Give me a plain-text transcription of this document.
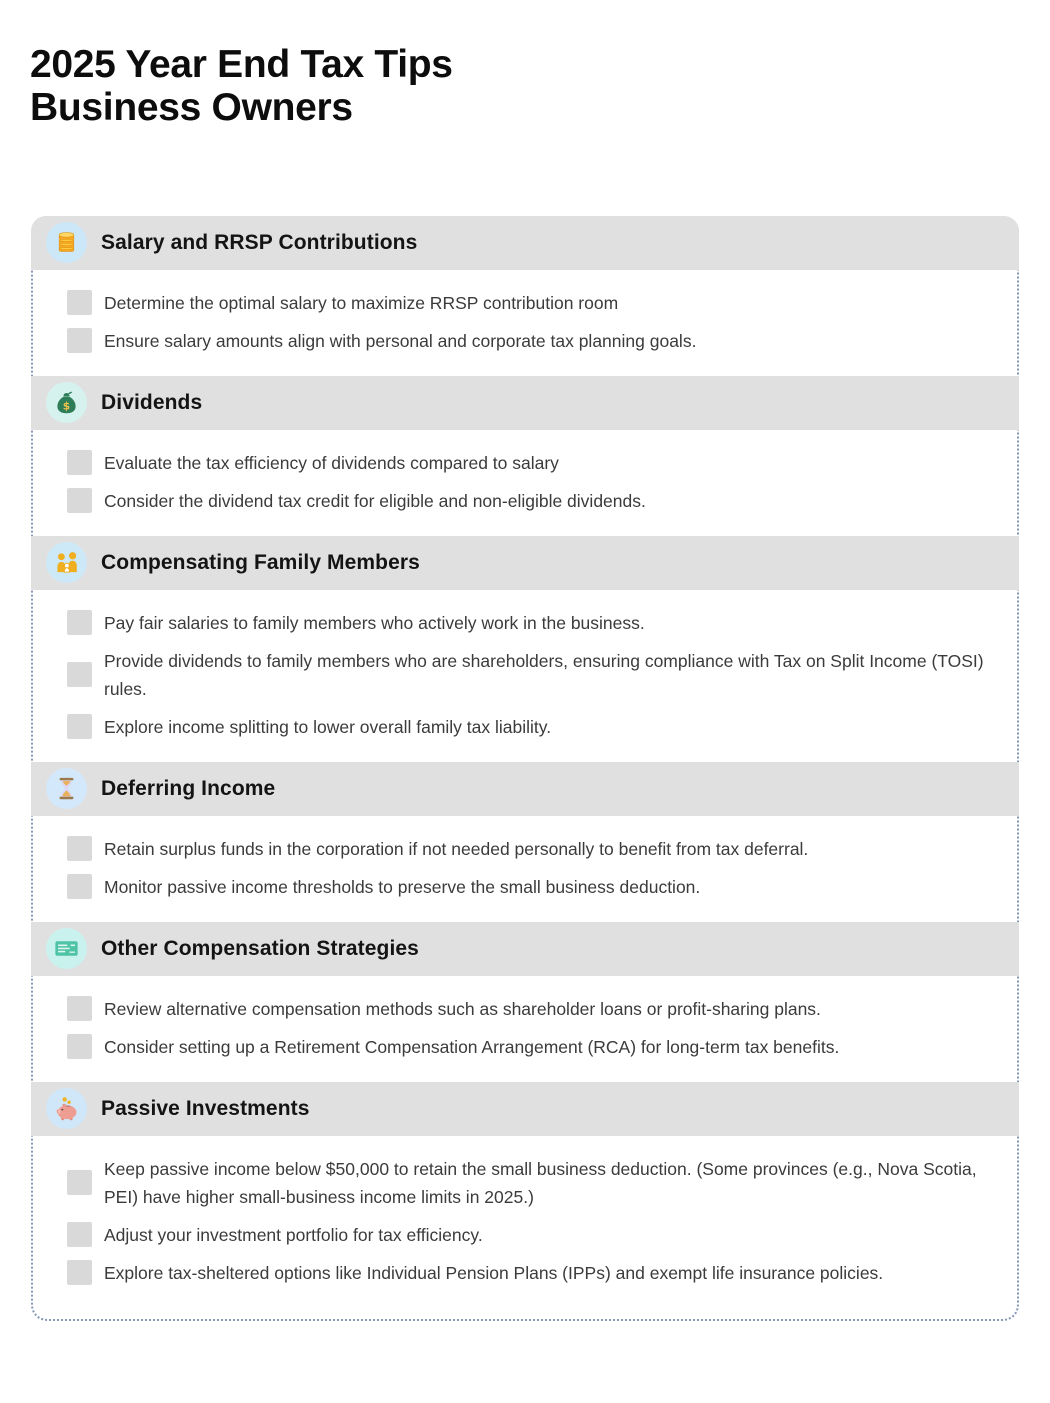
2025 Year End Tax Tips
Business Owners
Salary and RRSP Contributions
Determine the optimal salary to maximize RRSP contribution room
Ensure salary amounts align with personal and corporate tax planning goals.
$ Dividends
Evaluate the tax efficiency of dividends compared to salary
Consider the dividend tax credit for eligible and non-eligible dividends.
Compensating Family Members
Pay fair salaries to family members who actively work in the business.
Provide dividends to family members who are shareholders, ensuring compliance with Tax on Split Income (TOSI) rules.
Explore income splitting to lower overall family tax liability.
Deferring Income
Retain surplus funds in the corporation if not needed personally to benefit from tax deferral.
Monitor passive income thresholds to preserve the small business deduction.
Other Compensation Strategies
Review alternative compensation methods such as shareholder loans or profit-sharing plans.
Consider setting up a Retirement Compensation Arrangement (RCA) for long-term tax benefits.
Passive Investments
Keep passive income below $50,000 to retain the small business deduction. (Some provinces (e.g., Nova Scotia, PEI) have higher small-business income limits in 2025.)
Adjust your investment portfolio for tax efficiency.
Explore tax-sheltered options like Individual Pension Plans (IPPs) and exempt life insurance policies.
